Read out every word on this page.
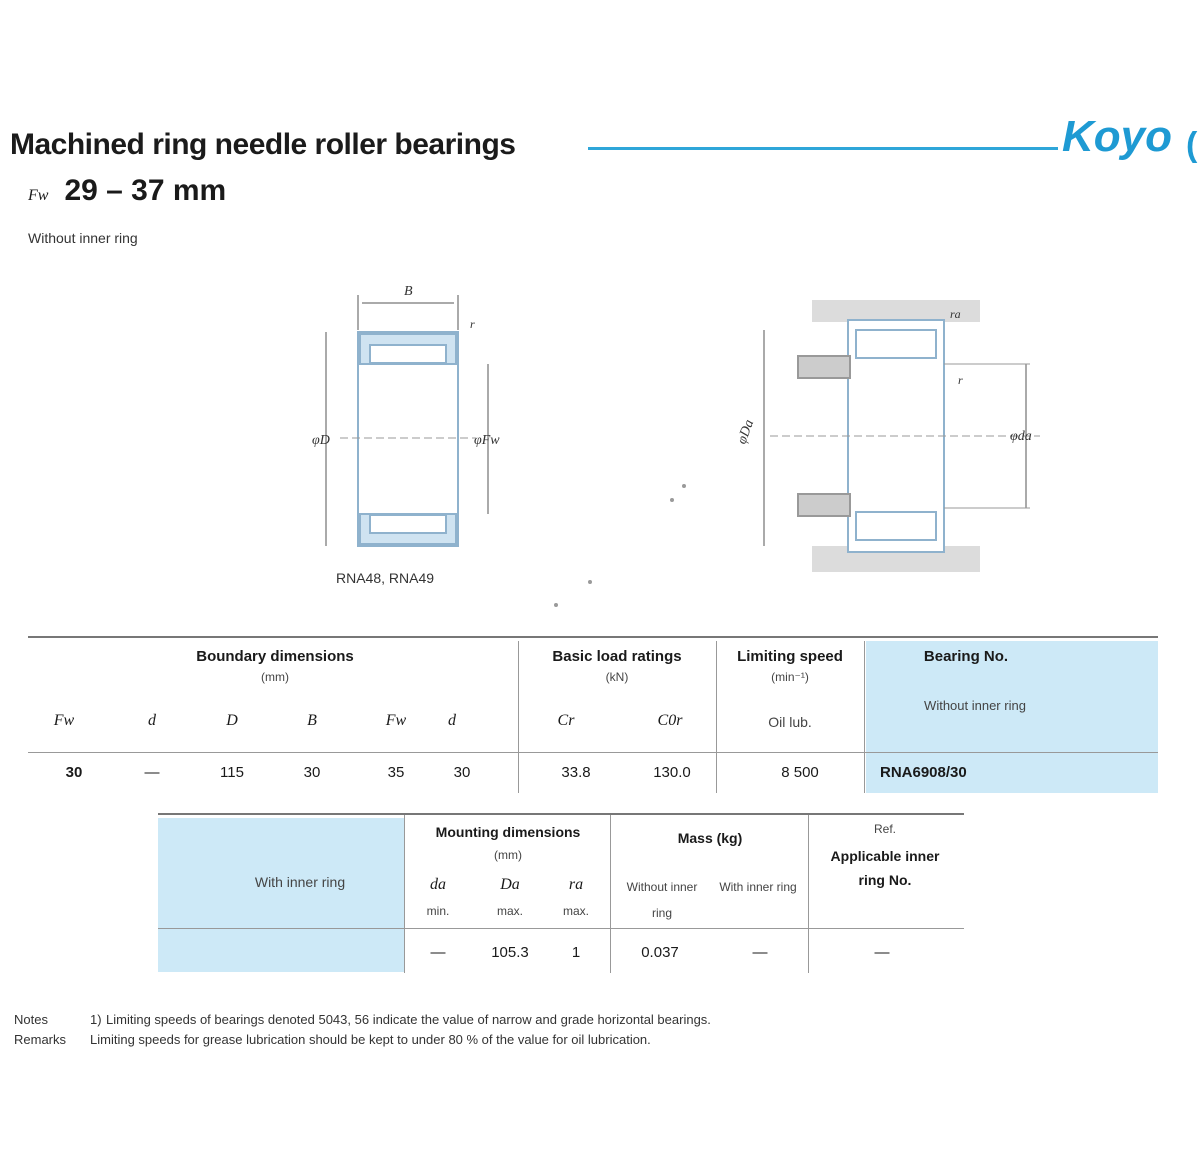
Machined ring needle roller bearings	Koyo (
Fw 29 – 37 mm
Without inner ring
B
r
φD	φFw
ra
r
φda
φDa
RNA48, RNA49
Boundary dimensions
(mm)
Basic load ratings
(kN)
Limiting speed
(min⁻¹)
Bearing No.
Without inner ring
Fw	d	D	B	Fw	d	Cr	C0r	Oil lub.
30	—	115	30	35	30	33.8	130.0	8 500	RNA6908/30
With inner ring
Mounting dimensions
(mm)
Mass (kg)
Ref.
Applicable inner ring No.
da	Da	ra
min.	max.	max.
Without inner ring
With inner ring
—	105.3	1	0.037	—	—
Notes	1) Limiting speeds of bearings denoted 5043, 56 indicate the value of narrow and grade horizontal bearings.
Remarks Limiting speeds for grease lubrication should be kept to under 80 % of the value for oil lubrication.
